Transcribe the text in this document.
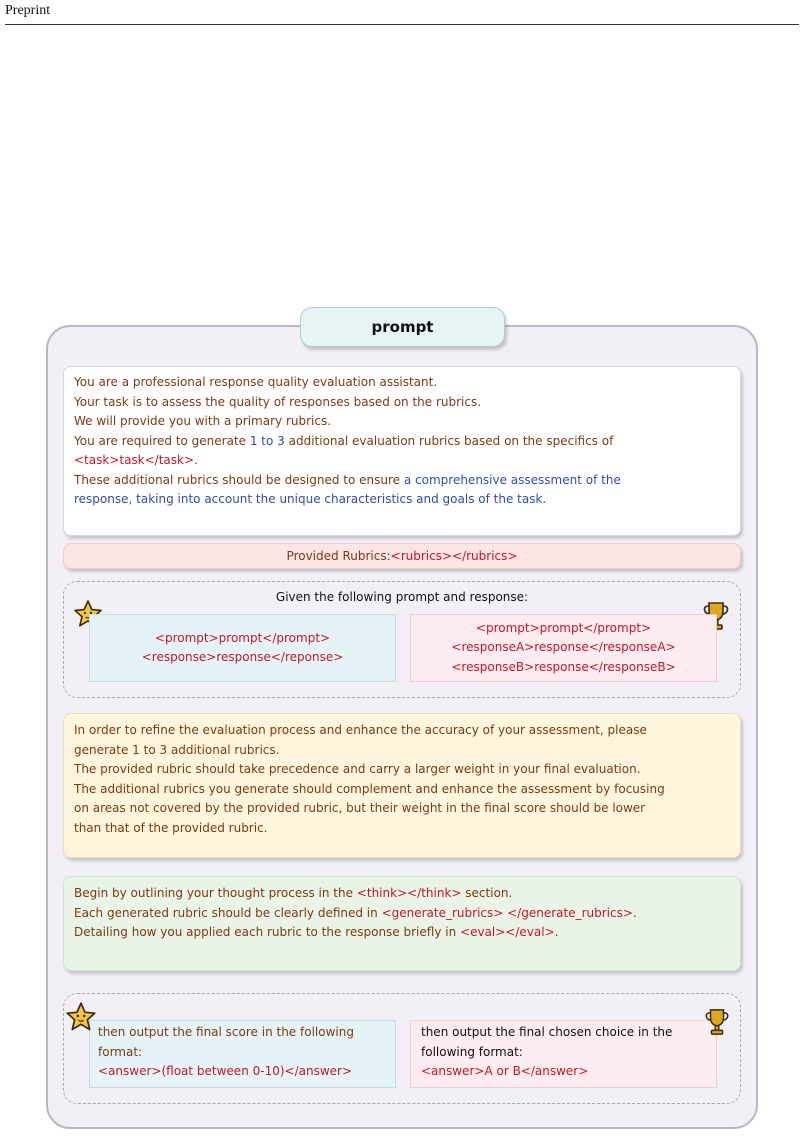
Preprint
prompt
You are a professional response quality evaluation assistant.
Your task is to assess the quality of responses based on the rubrics.
We will provide you with a primary rubrics.
You are required to generate 1 to 3 additional evaluation rubrics based on the specifics of
<task>task</task>.
These additional rubrics should be designed to ensure a comprehensive assessment of the
response, taking into account the unique characteristics and goals of the task.
Provided Rubrics:<rubrics></rubrics>
Given the following prompt and response:
<prompt>prompt</prompt>
<response>response</reponse>
<prompt>prompt</prompt>
<responseA>response</responseA>
<responseB>response</responseB>
In order to refine the evaluation process and enhance the accuracy of your assessment, please
generate 1 to 3 additional rubrics.
The provided rubric should take precedence and carry a larger weight in your final evaluation.
The additional rubrics you generate should complement and enhance the assessment by focusing
on areas not covered by the provided rubric, but their weight in the final score should be lower
than that of the provided rubric.
Begin by outlining your thought process in the <think></think> section.
Each generated rubric should be clearly defined in <generate_rubrics> </generate_rubrics>.
Detailing how you applied each rubric to the response briefly in <eval></eval>.
then output the final score in the following
format:
<answer>(float between 0-10)</answer>
then output the final chosen choice in the
following format:
<answer>A or B</answer>
